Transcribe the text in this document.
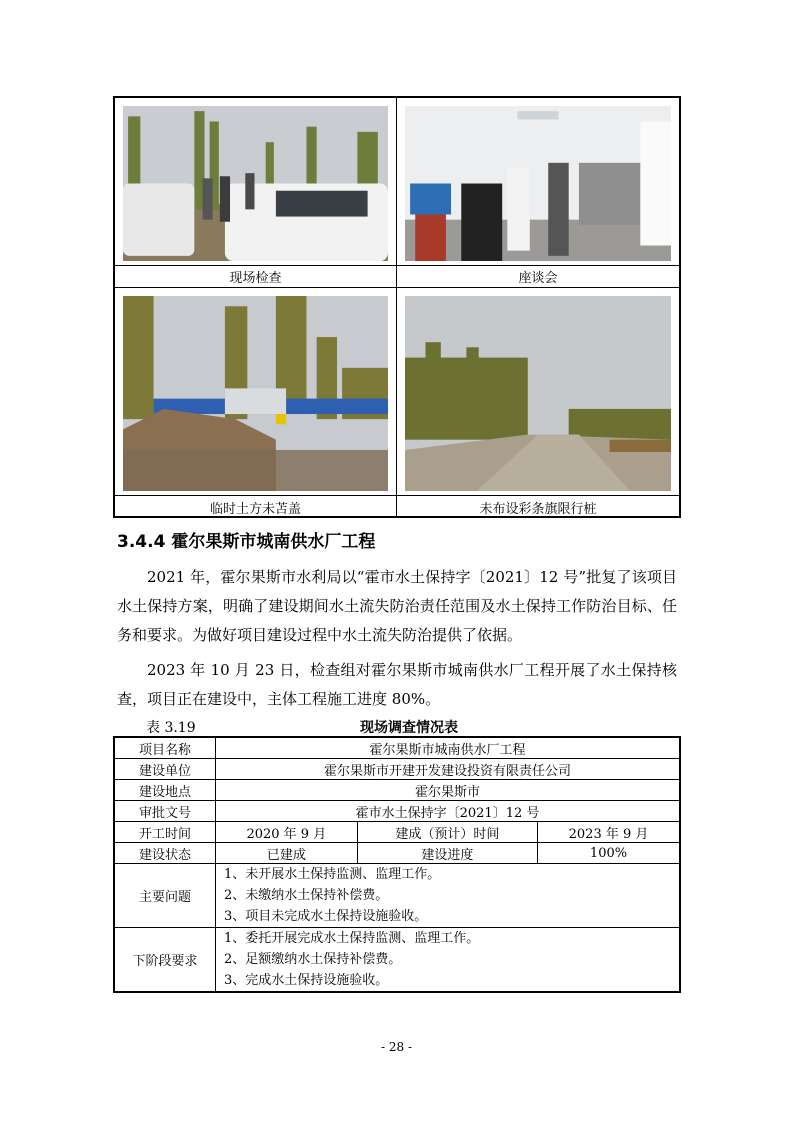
现场检查	座谈会
临时土方未苫盖	未布设彩条旗限行桩
3.4.4 霍尔果斯市城南供水厂工程
2021 年，霍尔果斯市水利局以“霍市水土保持字〔2021〕12 号”批复了该项目水土保持方案，明确了建设期间水土流失防治责任范围及水土保持工作防治目标、任务和要求。为做好项目建设过程中水土流失防治提供了依据。
2023 年 10 月 23 日，检查组对霍尔果斯市城南供水厂工程开展了水土保持核查，项目正在建设中，主体工程施工进度 80%。
表 3.19	现场调查情况表
项目名称	霍尔果斯市城南供水厂工程		
建设单位	霍尔果斯市开建开发建设投资有限责任公司		
建设地点	霍尔果斯市		
审批文号	霍市水土保持字〔2021〕12 号		
开工时间	2020 年 9 月	建成（预计）时间	2023 年 9 月
建设状态	已建成	建设进度	100%
主要问题	1、未开展水土保持监测、监理工作。
2、未缴纳水土保持补偿费。
3、项目未完成水土保持设施验收。		

下阶段要求	1、委托开展完成水土保持监测、监理工作。
2、足额缴纳水土保持补偿费。
3、完成水土保持设施验收。		
- 28 -
